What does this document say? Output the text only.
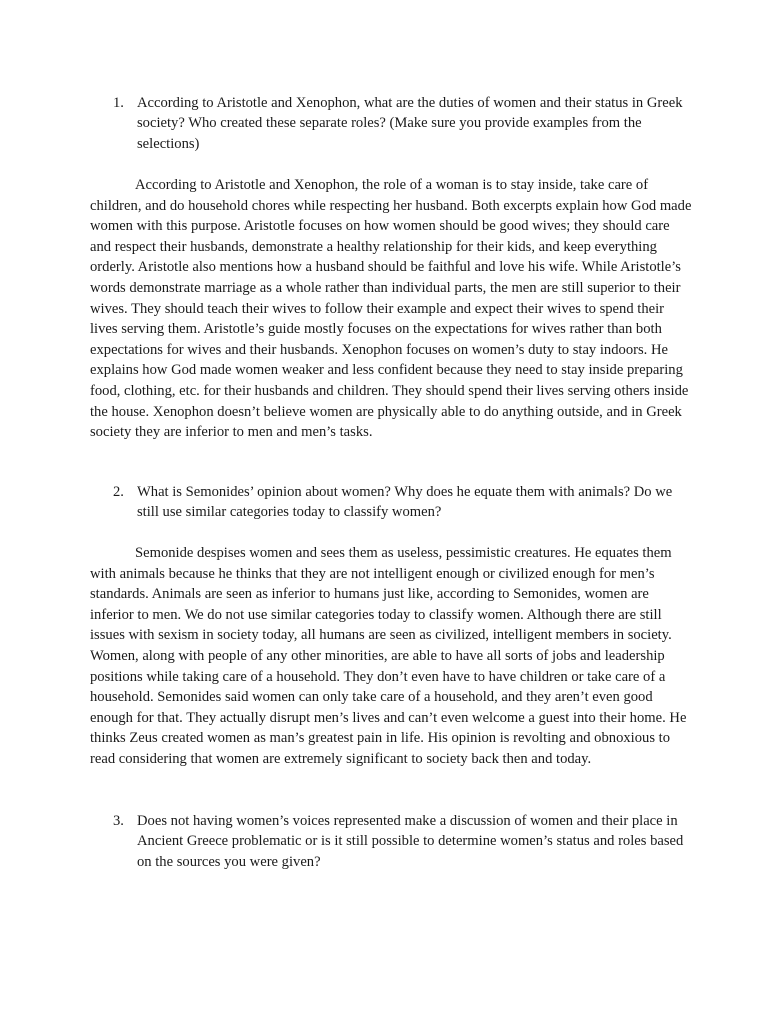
1. According to Aristotle and Xenophon, what are the duties of women and their status in Greek society? Who created these separate roles? (Make sure you provide examples from the selections)

According to Aristotle and Xenophon, the role of a woman is to stay inside, take care of children, and do household chores while respecting her husband. Both excerpts explain how God made women with this purpose. Aristotle focuses on how women should be good wives; they should care and respect their husbands, demonstrate a healthy relationship for their kids, and keep everything orderly. Aristotle also mentions how a husband should be faithful and love his wife. While Aristotle’s words demonstrate marriage as a whole rather than individual parts, the men are still superior to their wives. They should teach their wives to follow their example and expect their wives to spend their lives serving them. Aristotle’s guide mostly focuses on the expectations for wives rather than both expectations for wives and their husbands. Xenophon focuses on women’s duty to stay indoors. He explains how God made women weaker and less confident because they need to stay inside preparing food, clothing, etc. for their husbands and children. They should spend their lives serving others inside the house. Xenophon doesn’t believe women are physically able to do anything outside, and in Greek society they are inferior to men and men’s tasks.

2. What is Semonides’ opinion about women? Why does he equate them with animals? Do we still use similar categories today to classify women?

Semonide despises women and sees them as useless, pessimistic creatures. He equates them with animals because he thinks that they are not intelligent enough or civilized enough for men’s standards. Animals are seen as inferior to humans just like, according to Semonides, women are inferior to men. We do not use similar categories today to classify women. Although there are still issues with sexism in society today, all humans are seen as civilized, intelligent members in society. Women, along with people of any other minorities, are able to have all sorts of jobs and leadership positions while taking care of a household. They don’t even have to have children or take care of a household. Semonides said women can only take care of a household, and they aren’t even good enough for that. They actually disrupt men’s lives and can’t even welcome a guest into their home. He thinks Zeus created women as man’s greatest pain in life. His opinion is revolting and obnoxious to read considering that women are extremely significant to society back then and today.

3. Does not having women’s voices represented make a discussion of women and their place in Ancient Greece problematic or is it still possible to determine women’s status and roles based on the sources you were given?
